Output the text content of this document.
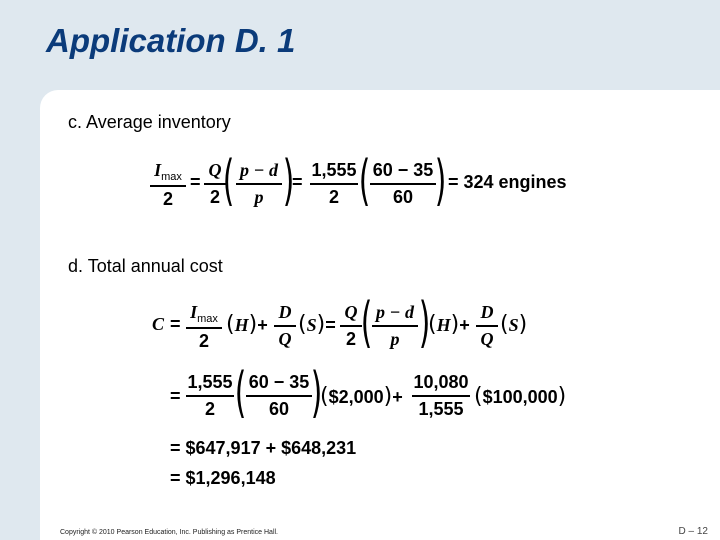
Application D. 1
c. Average inventory
$I_{max}$
2
=
Q
2 ( p − d
p )
=
1,555
2 ( 60 − 35
60 ) = 324 engines
d. Total annual cost
C =
$I_{max}$
2
(H)+
D
Q
(S)=
Q
2 ( p − d
p )
(H)+
D
Q
(S)
=
1,555
2 ( 60 − 35
60 )
($2,000)+
10,080
1,555 ($100,000)
= $647,917 + $648,231
= $1,296,148
Copyright © 2010 Pearson Education, Inc. Publishing as Prentice Hall.	D – 12
